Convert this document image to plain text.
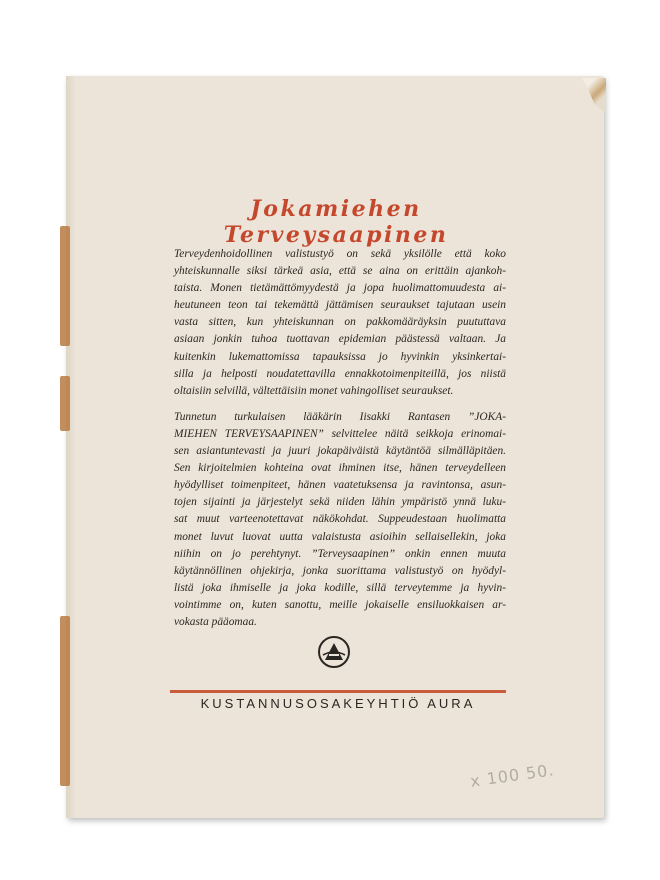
Jokamiehen Terveysaapinen

Terveydenhoidollinen valistustyö on sekä yksilölle että koko
yhteiskunnalle siksi tärkeä asia, että se aina on erittäin ajankoh-
taista. Monen tietämättömyydestä ja jopa huolimattomuudesta ai-
heutuneen teon tai tekemättä jättämisen seuraukset tajutaan usein
vasta sitten, kun yhteiskunnan on pakkomääräyksin puututtava
asiaan jonkin tuhoa tuottavan epidemian päästessä valtaan. Ja
kuitenkin lukemattomissa tapauksissa jo hyvinkin yksinkertai-
silla ja helposti noudatettavilla ennakkotoimenpiteillä, jos niistä
oltaisiin selvillä, vältettäisiin monet vahingolliset seuraukset.

Tunnetun turkulaisen lääkärin Iisakki Rantasen ”JOKA-
MIEHEN TERVEYSAAPINEN” selvittelee näitä seikkoja erinomai-
sen asiantuntevasti ja juuri jokapäiväistä käytäntöä silmälläpitäen.
Sen kirjoitelmien kohteina ovat ihminen itse, hänen terveydelleen
hyödylliset toimenpiteet, hänen vaatetuksensa ja ravintonsa, asun-
tojen sijainti ja järjestelyt sekä niiden lähin ympäristö ynnä luku-
sat muut varteenotettavat näkökohdat. Suppeudestaan huolimatta
monet luvut luovat uutta valaistusta asioihin sellaisellekin, joka
niihin on jo perehtynyt. ”Terveysaapinen” onkin ennen muuta
käytännöllinen ohjekirja, jonka suorittama valistustyö on hyödyl-
listä joka ihmiselle ja joka kodille, sillä terveytemme ja hyvin-
vointimme on, kuten sanottu, meille jokaiselle ensiluokkaisen ar-
vokasta pääomaa.

KUSTANNUSOSAKEYHTIÖ AURA
x 100 50.
